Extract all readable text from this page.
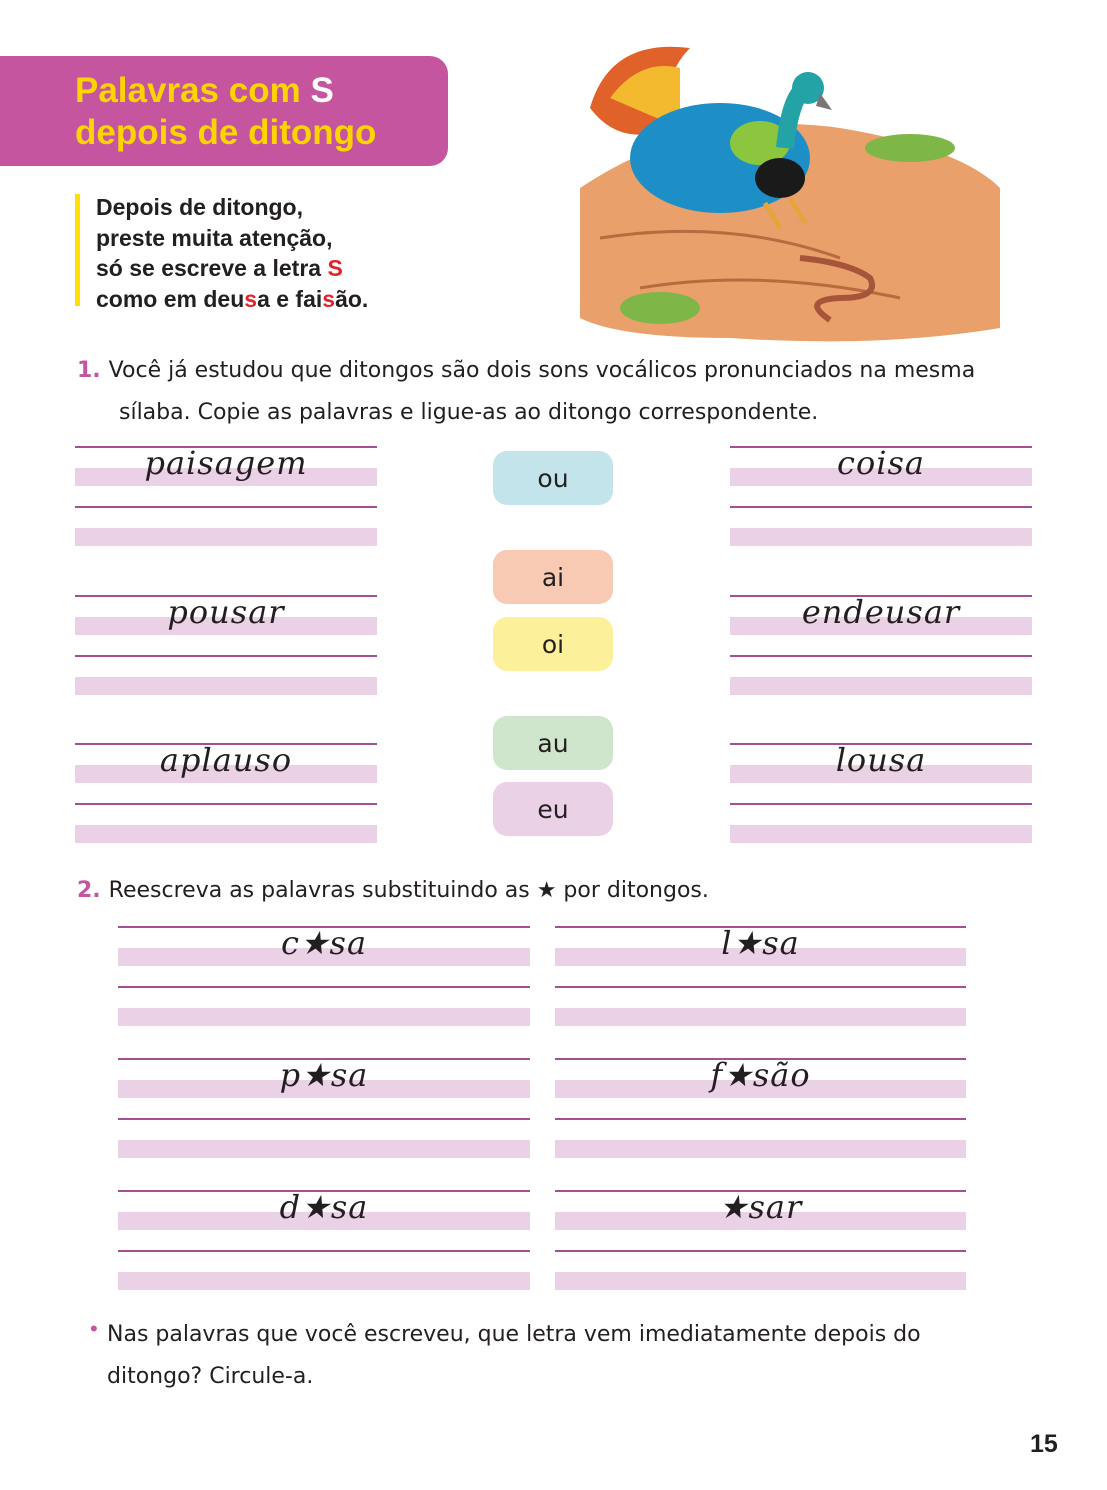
Palavras com S
depois de ditongo
Depois de ditongo,
preste muita atenção,
só se escreve a letra S
como em deusa e faisão.
1. Você já estudou que ditongos são dois sons vocálicos pronunciados na mesma
sílaba. Copie as palavras e ligue-as ao ditongo correspondente.
paisagem
pousar
aplauso
coisa
endeusar
lousa
ou
ai
oi
au
eu
2. Reescreva as palavras substituindo as ★ por ditongos.
c★sa	l★sa
p★sa	f★são
d★sa	★sar
• Nas palavras que você escreveu, que letra vem imediatamente depois do
ditongo? Circule-a.
15
